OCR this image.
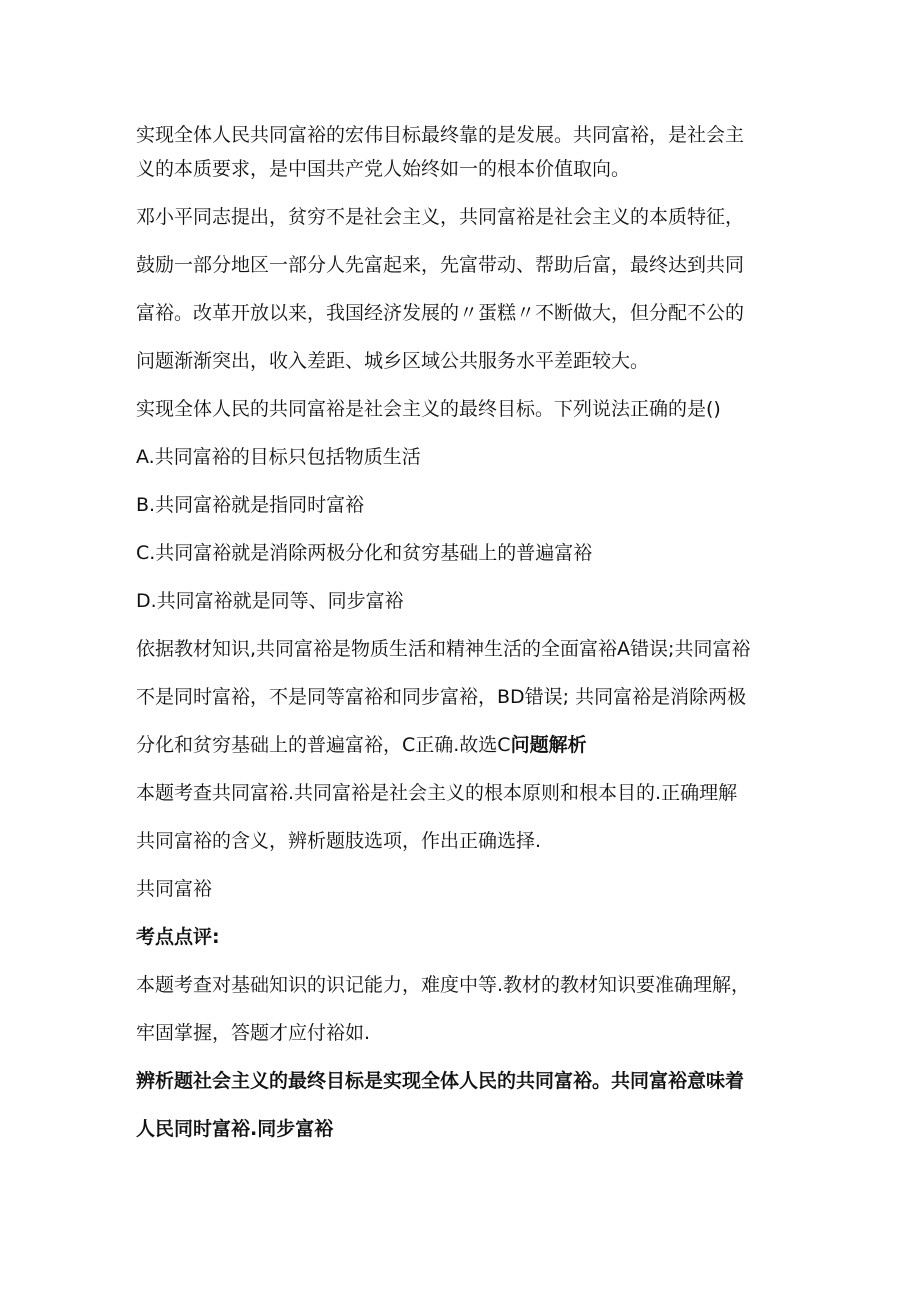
实现全体人民共同富裕的宏伟目标最终靠的是发展。共同富裕，是社会主
义的本质要求，是中国共产党人始终如一的根本价值取向。
邓小平同志提出，贫穷不是社会主义，共同富裕是社会主义的本质特征，
鼓励一部分地区一部分人先富起来，先富带动、帮助后富，最终达到共同
富裕。改革开放以来，我国经济发展的〃蛋糕〃不断做大，但分配不公的
问题渐渐突出，收入差距、城乡区域公共服务水平差距较大。
实现全体人民的共同富裕是社会主义的最终目标。下列说法正确的是()
A.共同富裕的目标只包括物质生活
B.共同富裕就是指同时富裕
C.共同富裕就是消除两极分化和贫穷基础上的普遍富裕
D.共同富裕就是同等、同步富裕
依据教材知识,共同富裕是物质生活和精神生活的全面富裕A错误;共同富裕
不是同时富裕，不是同等富裕和同步富裕，BD错误; 共同富裕是消除两极
分化和贫穷基础上的普遍富裕，C正确.故选C问题解析
本题考查共同富裕.共同富裕是社会主义的根本原则和根本目的.正确理解
共同富裕的含义，辨析题肢选项，作出正确选择.
共同富裕
考点点评:
本题考查对基础知识的识记能力，难度中等.教材的教材知识要准确理解，
牢固掌握，答题才应付裕如.
辨析题社会主义的最终目标是实现全体人民的共同富裕。共同富裕意味着
人民同时富裕.同步富裕
